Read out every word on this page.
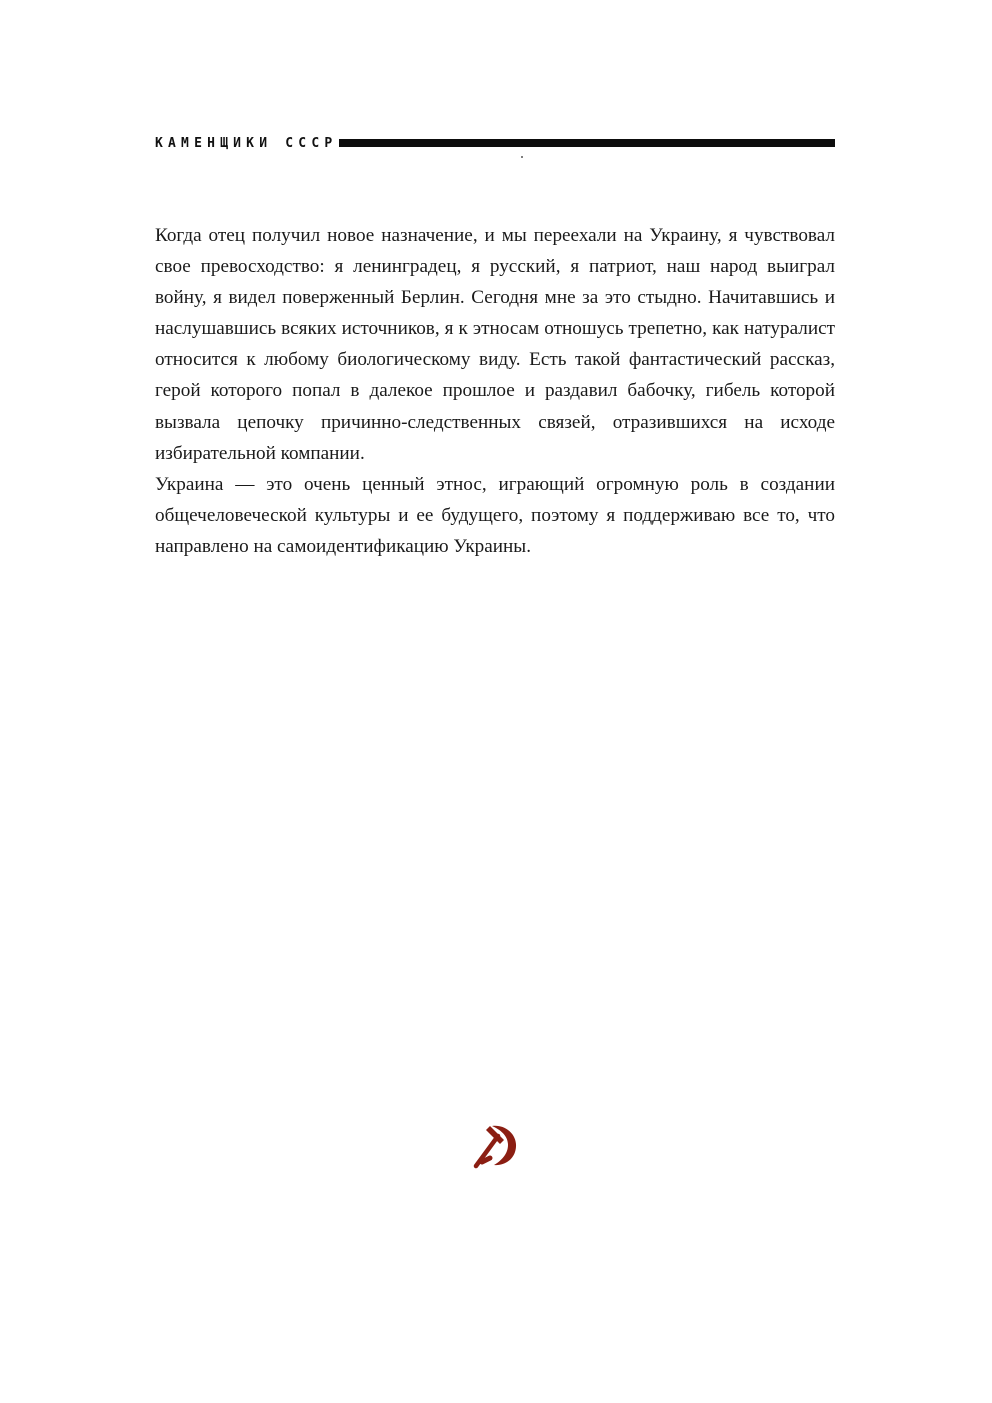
КАМЕНЩИКИ СССР

Когда отец получил новое назначение, и мы переехали на Украину, я чувствовал свое превосходство: я ленинградец, я русский, я патриот, наш народ выиграл войну, я видел поверженный Берлин. Сегодня мне за это стыдно. Начитавшись и наслушавшись всяких источников, я к этносам отношусь трепетно, как натуралист относится к любому биологическому виду. Есть такой фантастический рассказ, герой которого попал в далекое прошлое и раздавил бабочку, гибель которой вызвала цепочку причинно-следственных связей, отразившихся на исходе избирательной компании.

Украина — это очень ценный этнос, играющий огромную роль в создании общечеловеческой культуры и ее будущего, поэтому я поддерживаю все то, что направлено на самоидентификацию Украины.
